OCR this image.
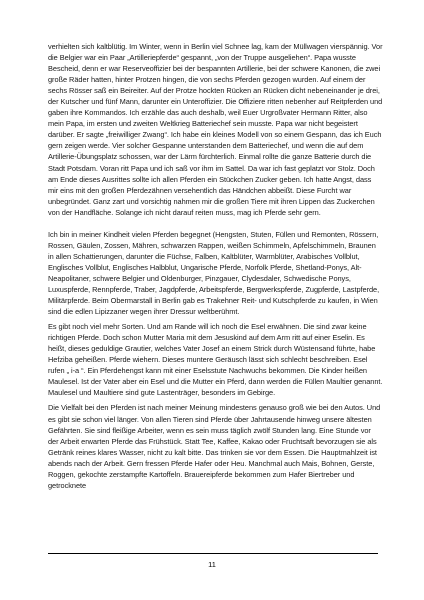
verhielten sich kaltblütig. Im Winter, wenn in Berlin viel Schnee lag, kam der Müllwagen vierspännig. Vor die Belgier war ein Paar „Artilleriepferde“ gespannt, „von der Truppe ausgeliehen“. Papa wusste Bescheid, denn er war Reserveoffizier bei der bespannten Artillerie, bei der schwere Kanonen, die zwei große Räder hatten, hinter Protzen hingen, die von sechs Pferden gezogen wurden. Auf einem der sechs Rösser saß ein Beireiter. Auf der Protze hockten Rücken an Rücken dicht nebeneinander je drei, der Kutscher und fünf Mann, darunter ein Unteroffizier. Die Offiziere ritten nebenher auf Reitpferden und gaben ihre Kommandos. Ich erzähle das auch deshalb, weil Euer Urgroßvater Hermann Ritter, also mein Papa, im ersten und zweiten Weltkrieg Batteriechef sein musste. Papa war nicht begeistert darüber. Er sagte „freiwilliger Zwang“. Ich habe ein kleines Modell von so einem Gespann, das ich Euch gern zeigen werde. Vier solcher Gespanne unterstanden dem Batteriechef, und wenn die auf dem Artillerie-Übungsplatz schossen, war der Lärm fürchterlich. Einmal rollte die ganze Batterie durch die Stadt Potsdam. Voran ritt Papa und ich saß vor ihm im Sattel. Da war ich fast geplatzt vor Stolz. Doch am Ende dieses Ausrittes sollte ich allen Pferden ein Stückchen Zucker geben. Ich hatte Angst, dass mir eins mit den großen Pferdezähnen versehentlich das Händchen abbeißt. Diese Furcht war unbegründet. Ganz zart und vorsichtig nahmen mir die großen Tiere mit ihren Lippen das Zuckerchen von der Handfläche. Solange ich nicht darauf reiten muss, mag ich Pferde sehr gern.

Ich bin in meiner Kindheit vielen Pferden begegnet (Hengsten, Stuten, Füllen und Remonten, Rössern, Rossen, Gäulen, Zossen, Mähren, schwarzen Rappen, weißen Schimmeln, Apfelschimmeln, Braunen in allen Schattierungen, darunter die Füchse, Falben, Kaltblüter, Warmblüter, Arabisches Vollblut, Englisches Vollblut, Englisches Halbblut, Ungarische Pferde, Norfolk Pferde, Shetland-Ponys, Alt-Neapolitaner, schwere Belgier und Oldenburger, Pinzgauer, Clydesdaler, Schwedische Ponys, Luxuspferde, Rennpferde, Traber, Jagdpferde, Arbeitspferde, Bergwerkspferde, Zugpferde, Lastpferde, Militärpferde. Beim Obermarstall in Berlin gab es Trakehner Reit- und Kutschpferde zu kaufen, in Wien sind die edlen Lipizzaner wegen ihrer Dressur weltberühmt.

Es gibt noch viel mehr Sorten. Und am Rande will ich noch die Esel erwähnen. Die sind zwar keine richtigen Pferde. Doch schon Mutter Maria mit dem Jesuskind auf dem Arm ritt auf einer Eselin. Es heißt, dieses geduldige Grautier, welches Vater Josef an einem Strick durch Wüstensand führte, habe Hefziba geheißen. Pferde wiehern. Dieses muntere Geräusch lässt sich schlecht beschreiben. Esel rufen „ i-a “. Ein Pferdehengst kann mit einer Eselsstute Nachwuchs bekommen. Die Kinder heißen Maulesel. Ist der Vater aber ein Esel und die Mutter ein Pferd, dann werden die Füllen Maultier genannt. Maulesel und Maultiere sind gute Lastenträger, besonders im Gebirge.

Die Vielfalt bei den Pferden ist nach meiner Meinung mindestens genauso groß wie bei den Autos. Und es gibt sie schon viel länger. Von allen Tieren sind Pferde über Jahrtausende hinweg unsere ältesten Gefährten. Sie sind fleißige Arbeiter, wenn es sein muss täglich zwölf Stunden lang. Eine Stunde vor der Arbeit erwarten Pferde das Frühstück. Statt Tee, Kaffee, Kakao oder Fruchtsaft bevorzugen sie als Getränk reines klares Wasser, nicht zu kalt bitte. Das trinken sie vor dem Essen. Die Hauptmahlzeit ist abends nach der Arbeit. Gern fressen Pferde Hafer oder Heu. Manchmal auch Mais, Bohnen, Gerste, Roggen, gekochte zerstampfte Kartoffeln. Brauereipferde bekommen zum Hafer Biertreber und getrocknete

11
